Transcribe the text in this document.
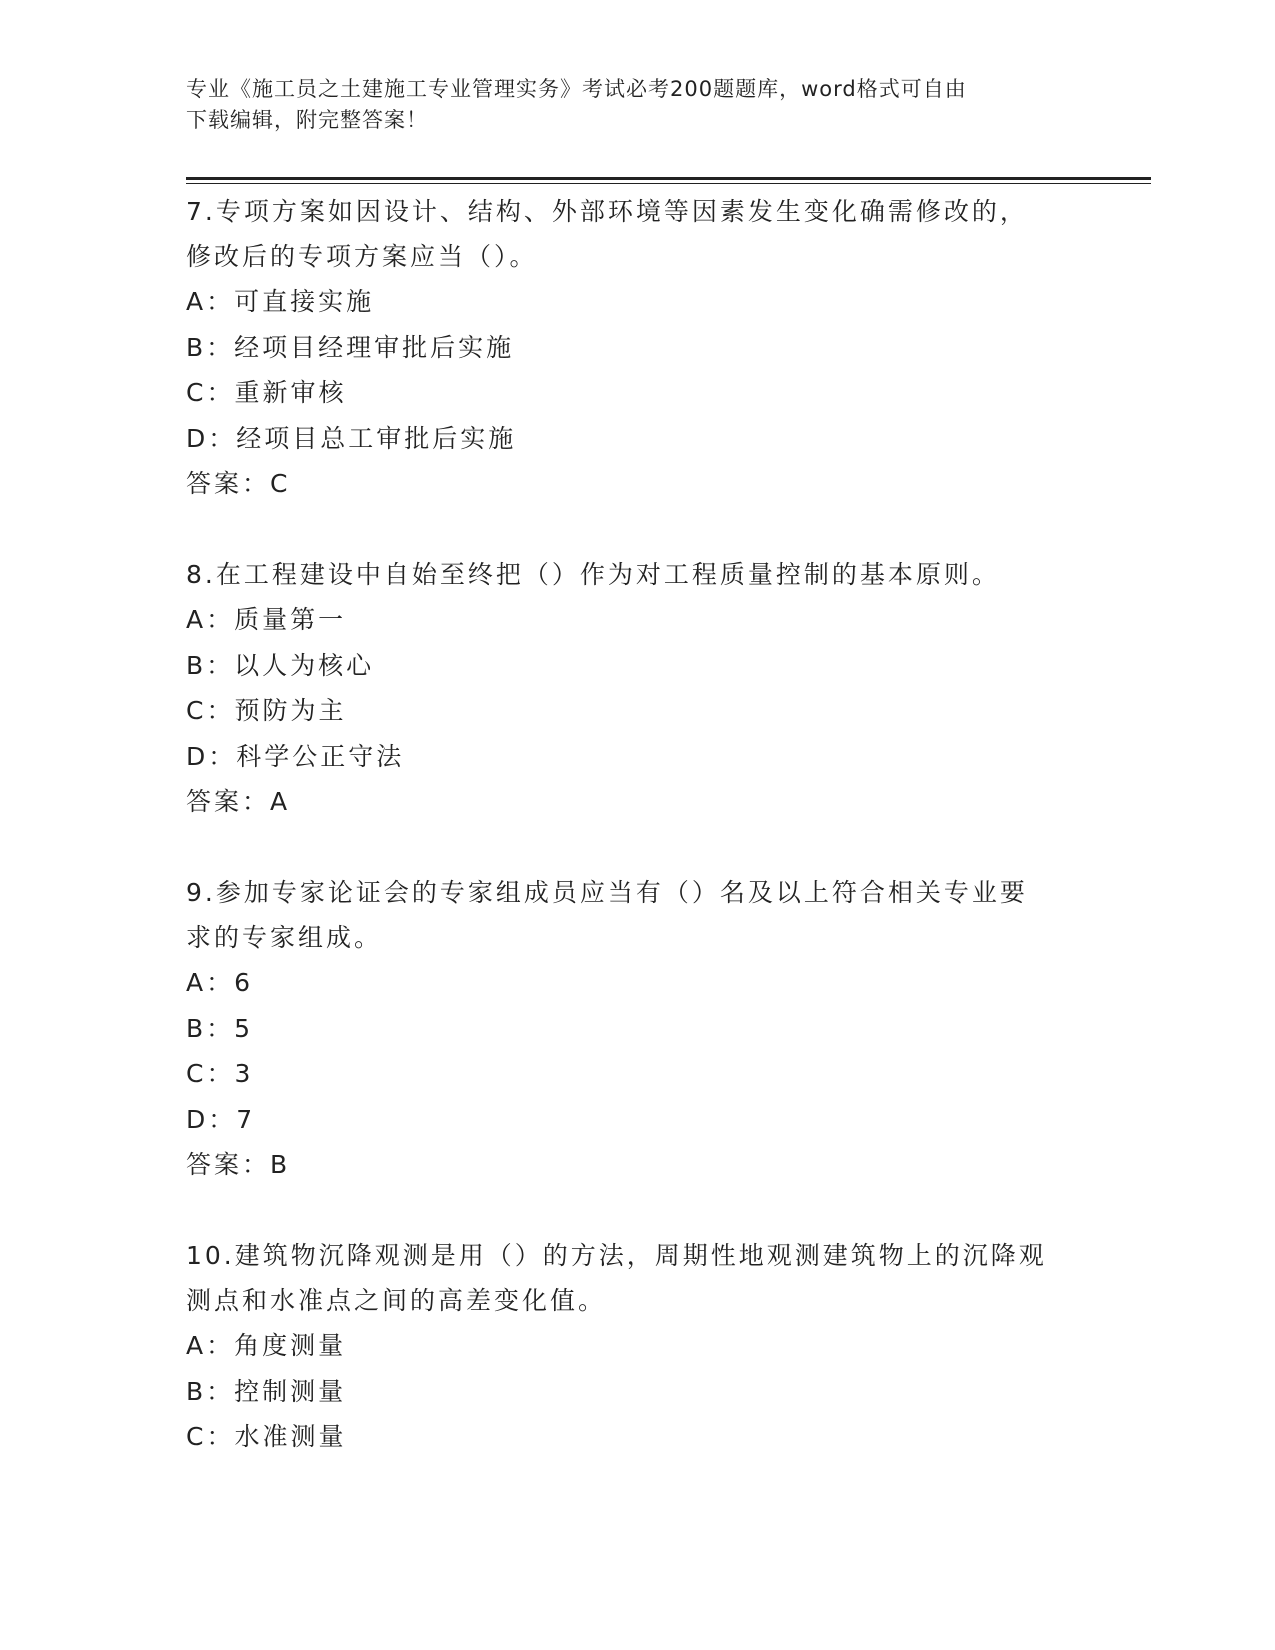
专业《施工员之土建施工专业管理实务》考试必考200题题库，word格式可自由
下载编辑，附完整答案！
7.专项方案如因设计、结构、外部环境等因素发生变化确需修改的，
修改后的专项方案应当（）。
A：可直接实施
B：经项目经理审批后实施
C：重新审核
D：经项目总工审批后实施
答案：C
8.在工程建设中自始至终把（）作为对工程质量控制的基本原则。
A：质量第一
B：以人为核心
C：预防为主
D：科学公正守法
答案：A
9.参加专家论证会的专家组成员应当有（）名及以上符合相关专业要
求的专家组成。
A：6
B：5
C：3
D：7
答案：B
10.建筑物沉降观测是用（）的方法，周期性地观测建筑物上的沉降观
测点和水准点之间的高差变化值。
A：角度测量
B：控制测量
C：水准测量
